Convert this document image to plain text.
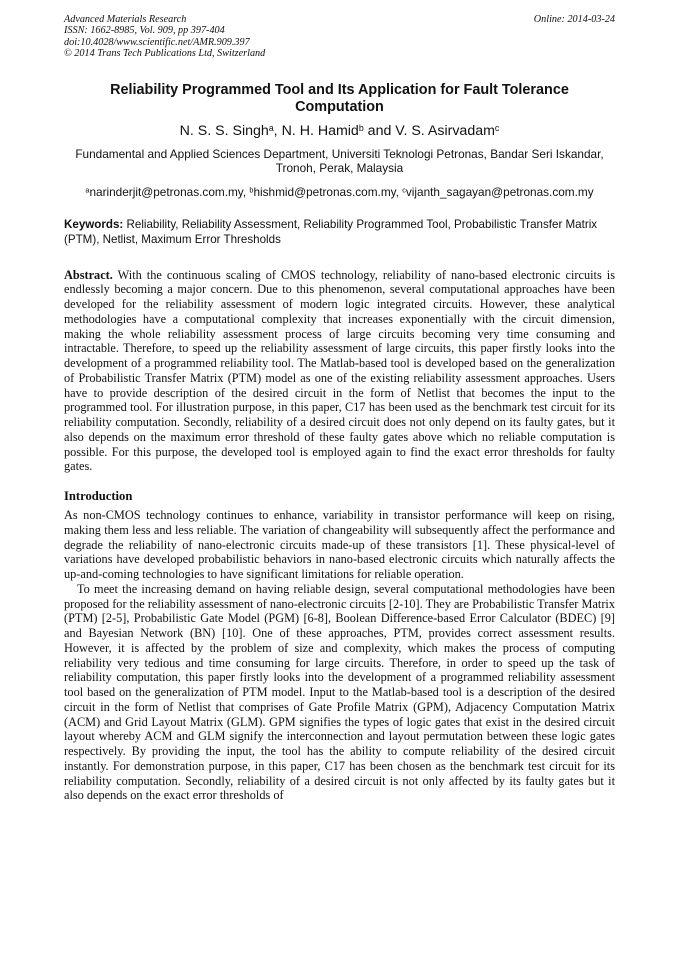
Advanced Materials Research
ISSN: 1662-8985, Vol. 909, pp 397-404
doi:10.4028/www.scientific.net/AMR.909.397
© 2014 Trans Tech Publications Ltd, Switzerland
Online: 2014-03-24
Reliability Programmed Tool and Its Application for Fault Tolerance Computation
N. S. S. Singh$^a$, N. H. Hamid$^b$ and V. S. Asirvadam$^c$
Fundamental and Applied Sciences Department, Universiti Teknologi Petronas, Bandar Seri Iskandar, Tronoh, Perak, Malaysia
$^a$narinderjit@petronas.com.my, $^b$hishmid@petronas.com.my, $^c$vijanth_sagayan@petronas.com.my
Keywords: Reliability, Reliability Assessment, Reliability Programmed Tool, Probabilistic Transfer Matrix (PTM), Netlist, Maximum Error Thresholds
Abstract. With the continuous scaling of CMOS technology, reliability of nano-based electronic circuits is endlessly becoming a major concern. Due to this phenomenon, several computational approaches have been developed for the reliability assessment of modern logic integrated circuits. However, these analytical methodologies have a computational complexity that increases exponentially with the circuit dimension, making the whole reliability assessment process of large circuits becoming very time consuming and intractable. Therefore, to speed up the reliability assessment of large circuits, this paper firstly looks into the development of a programmed reliability tool. The Matlab-based tool is developed based on the generalization of Probabilistic Transfer Matrix (PTM) model as one of the existing reliability assessment approaches. Users have to provide description of the desired circuit in the form of Netlist that becomes the input to the programmed tool. For illustration purpose, in this paper, C17 has been used as the benchmark test circuit for its reliability computation. Secondly, reliability of a desired circuit does not only depend on its faulty gates, but it also depends on the maximum error threshold of these faulty gates above which no reliable computation is possible. For this purpose, the developed tool is employed again to find the exact error thresholds for faulty gates.
Introduction

As non-CMOS technology continues to enhance, variability in transistor performance will keep on rising, making them less and less reliable. The variation of changeability will subsequently affect the performance and degrade the reliability of nano-electronic circuits made-up of these transistors [1]. These physical-level of variations have developed probabilistic behaviors in nano-based electronic circuits which naturally affects the up-and-coming technologies to have significant limitations for reliable operation.

To meet the increasing demand on having reliable design, several computational methodologies have been proposed for the reliability assessment of nano-electronic circuits [2-10]. They are Probabilistic Transfer Matrix (PTM) [2-5], Probabilistic Gate Model (PGM) [6-8], Boolean Difference-based Error Calculator (BDEC) [9] and Bayesian Network (BN) [10]. One of these approaches, PTM, provides correct assessment results. However, it is affected by the problem of size and complexity, which makes the process of computing reliability very tedious and time consuming for large circuits. Therefore, in order to speed up the task of reliability computation, this paper firstly looks into the development of a programmed reliability assessment tool based on the generalization of PTM model. Input to the Matlab-based tool is a description of the desired circuit in the form of Netlist that comprises of Gate Profile Matrix (GPM), Adjacency Computation Matrix (ACM) and Grid Layout Matrix (GLM). GPM signifies the types of logic gates that exist in the desired circuit layout whereby ACM and GLM signify the interconnection and layout permutation between these logic gates respectively. By providing the input, the tool has the ability to compute reliability of the desired circuit instantly. For demonstration purpose, in this paper, C17 has been chosen as the benchmark test circuit for its reliability computation. Secondly, reliability of a desired circuit is not only affected by its faulty gates but it also depends on the exact error thresholds of
